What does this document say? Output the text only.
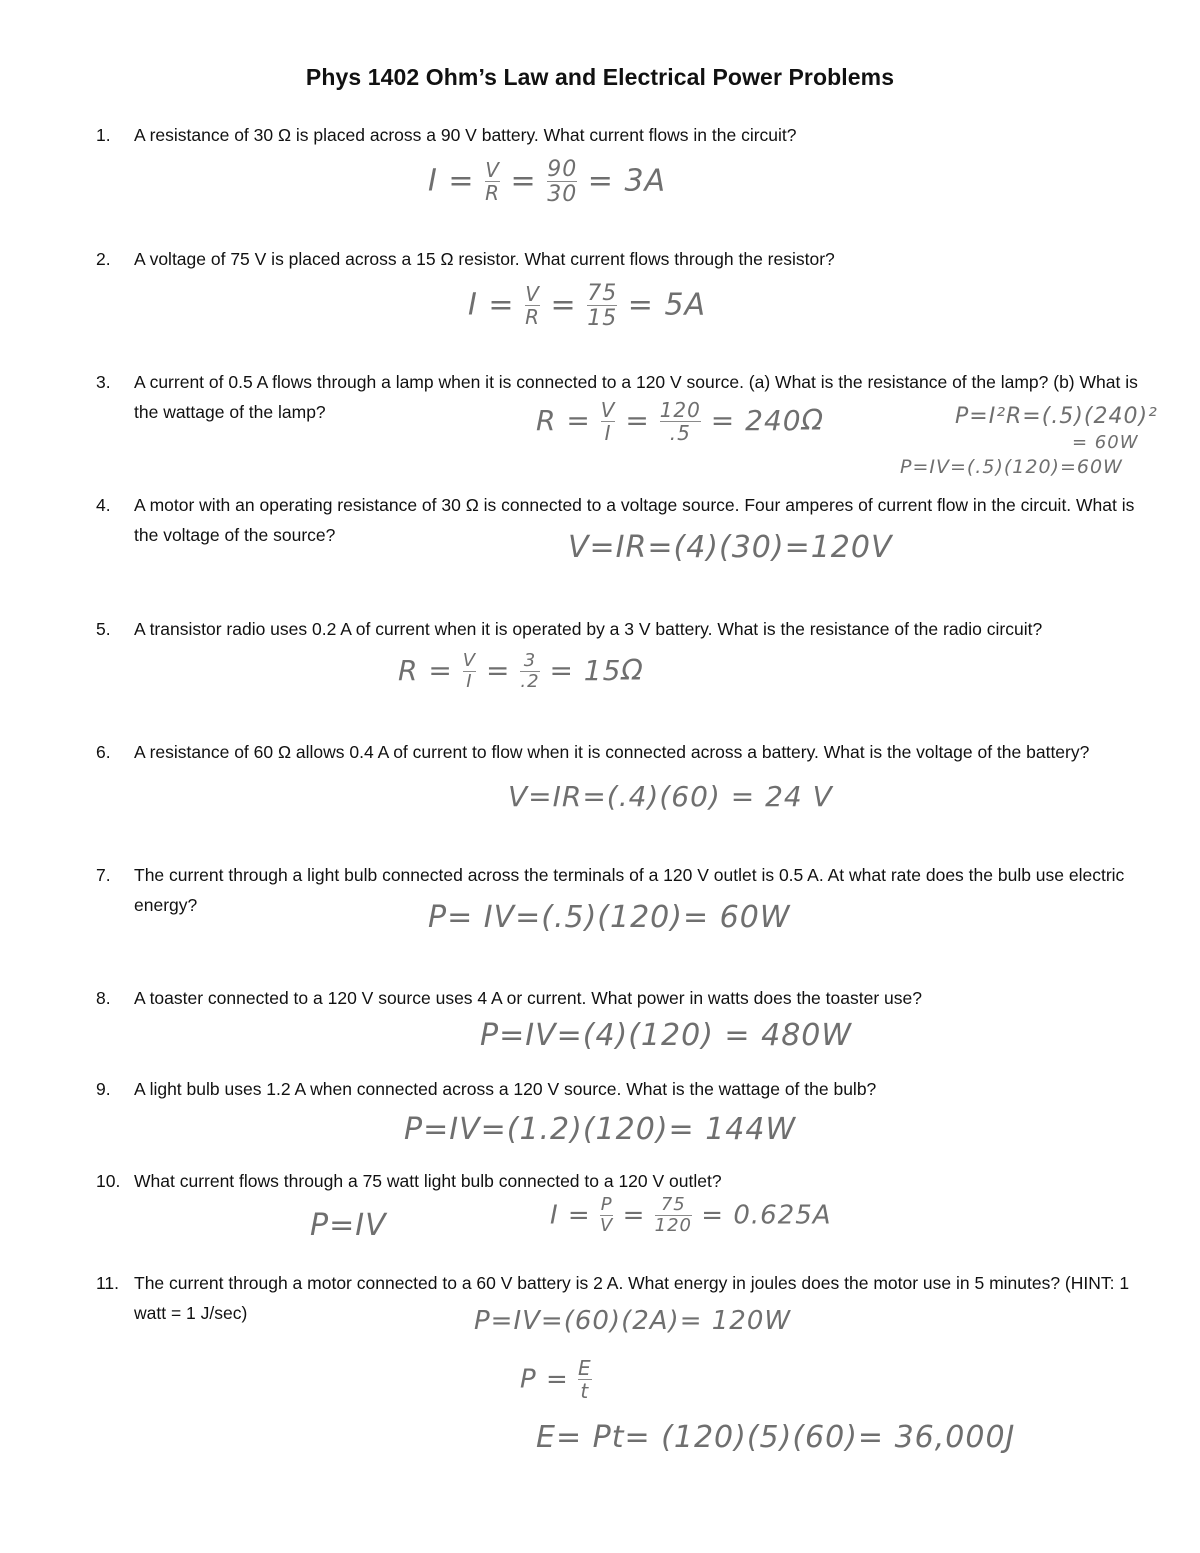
Phys 1402 Ohm’s Law and Electrical Power Problems
1.	A resistance of 30 Ω is placed across a 90 V battery. What current flows in the circuit?
2.	A voltage of 75 V is placed across a 15 Ω resistor. What current flows through the resistor?
3.	A current of 0.5 A flows through a lamp when it is connected to a 120 V source. (a) What is the resistance of the lamp? (b) What is the wattage of the lamp?
4.	A motor with an operating resistance of 30 Ω is connected to a voltage source. Four amperes of current flow in the circuit. What is the voltage of the source?
5.	A transistor radio uses 0.2 A of current when it is operated by a 3 V battery. What is the resistance of the radio circuit?
6.	A resistance of 60 Ω allows 0.4 A of current to flow when it is connected across a battery. What is the voltage of the battery?
7.	The current through a light bulb connected across the terminals of a 120 V outlet is 0.5 A. At what rate does the bulb use electric energy?
8.	A toaster connected to a 120 V source uses 4 A or current. What power in watts does the toaster use?
9.	A light bulb uses 1.2 A when connected across a 120 V source. What is the wattage of the bulb?
10. What current flows through a 75 watt light bulb connected to a 120 V outlet?
11. The current through a motor connected to a 60 V battery is 2 A. What energy in joules does the motor use in 5 minutes? (HINT: 1 watt = 1 J/sec)
$I = \frac{V}{R} = \frac{90}{30} = 3A$
$I = \frac{V}{R} = \frac{75}{15} = 5A$
$R = \frac{V}{I} = \frac{120}{.5} = 240\Omega$	P=I²R=(.5)(240)²
= 60W
P=IV=(.5)(120)=60W
V=IR=(4)(30)=120V
$R = \frac{V}{I} = \frac{3}{.2} = 15\Omega$
V=IR=(.4)(60) = 24 V
P= IV=(.5)(120)= 60W
P=IV=(4)(120) = 480W
P=IV=(1.2)(120)= 144W
P=IV	$I = \frac{P}{V} = \frac{75}{120} = 0.625A$
P=IV=(60)(2A)= 120W
$P = \frac{E}{t}$
E= Pt= (120)(5)(60)= 36,000J
